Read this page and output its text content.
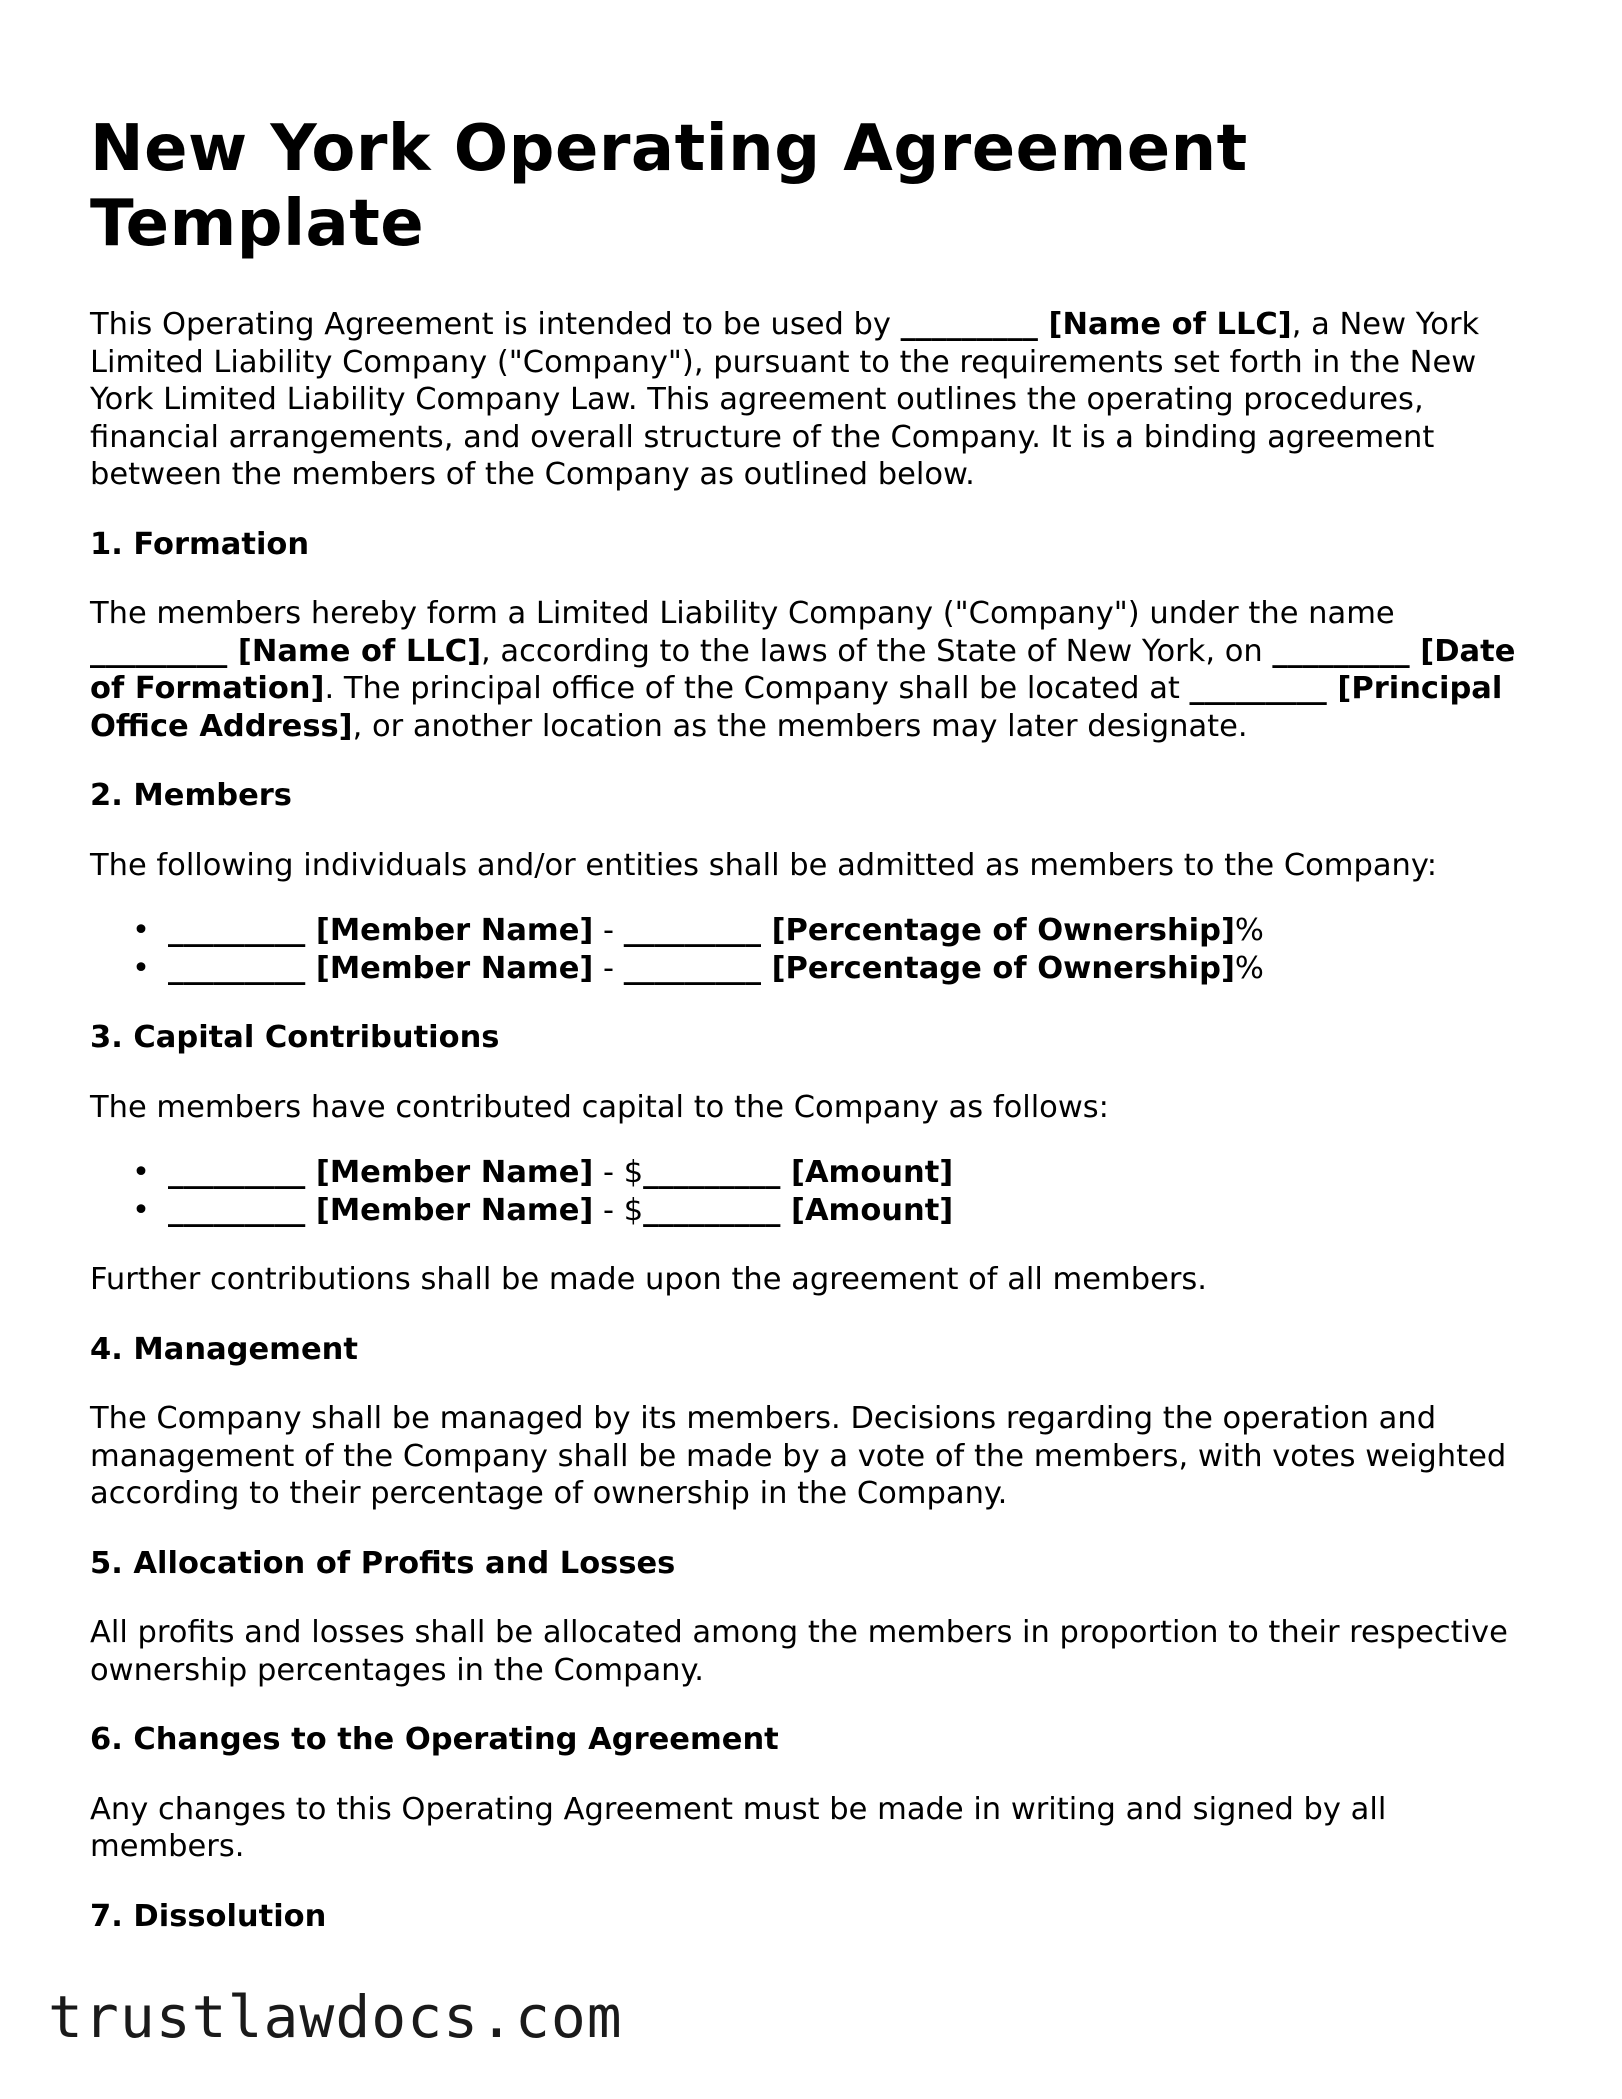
New York Operating Agreement Template

This Operating Agreement is intended to be used by _________ [Name of LLC], a New York Limited Liability Company ("Company"), pursuant to the requirements set forth in the New York Limited Liability Company Law. This agreement outlines the operating procedures, financial arrangements, and overall structure of the Company. It is a binding agreement between the members of the Company as outlined below.

1. Formation

The members hereby form a Limited Liability Company ("Company") under the name _________ [Name of LLC], according to the laws of the State of New York, on _________ [Date of Formation]. The principal office of the Company shall be located at _________ [Principal Office Address], or another location as the members may later designate.

2. Members

The following individuals and/or entities shall be admitted as members to the Company:

• _________ [Member Name] - _________ [Percentage of Ownership]%
• _________ [Member Name] - _________ [Percentage of Ownership]%
3. Capital Contributions

The members have contributed capital to the Company as follows:

• _________ [Member Name] - $_________ [Amount]
• _________ [Member Name] - $_________ [Amount]

Further contributions shall be made upon the agreement of all members.

4. Management

The Company shall be managed by its members. Decisions regarding the operation and management of the Company shall be made by a vote of the members, with votes weighted according to their percentage of ownership in the Company.

5. Allocation of Profits and Losses

All profits and losses shall be allocated among the members in proportion to their respective ownership percentages in the Company.

6. Changes to the Operating Agreement

Any changes to this Operating Agreement must be made in writing and signed by all members.

7. Dissolution
trustlawdocs.com
